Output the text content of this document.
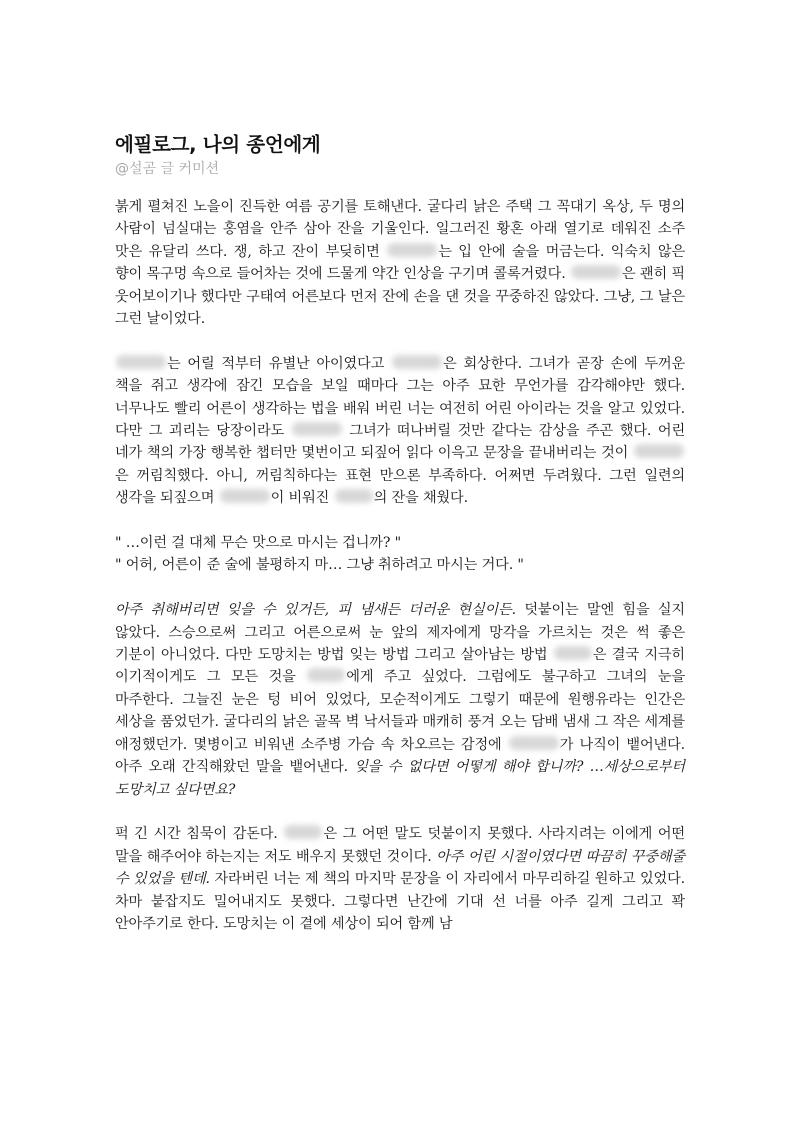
에필로그, 나의 종언에게
@설곰 글 커미션

붉게 펼쳐진 노을이 진득한 여름 공기를 토해낸다. 굴다리 낡은 주택 그 꼭대기 옥상, 두 명의 사람이 넘실대는 홍염을 안주 삼아 잔을 기울인다. 일그러진 황혼 아래 열기로 데워진 소주 맛은 유달리 쓰다. 쟁, 하고 잔이 부딪히면	는 입 안에 술을 머금는다. 익숙치 않은 향이 목구멍 속으로 들어차는 것에 드물게 약간 인상을 구기며 콜록거렸다.	은 괜히 픽 웃어보이기나 했다만 구태여 어른보다 먼저 잔에 손을 댄 것을 꾸중하진 않았다. 그냥, 그 날은 그런 날이었다.

는 어릴 적부터 유별난 아이였다고	은 회상한다. 그녀가 곧장 손에 두꺼운 책을 쥐고 생각에 잠긴 모습을 보일 때마다 그는 아주 묘한 무언가를 감각해야만 했다. 너무나도 빨리 어른이 생각하는 법을 배워 버린 너는 여전히 어린 아이라는 것을 알고 있었다. 다만 그 괴리는 당장이라도	그녀가 떠나버릴 것만 같다는 감상을 주곤 했다. 어린 네가 책의 가장 행복한 챕터만 몇번이고 되짚어 읽다 이윽고 문장을 끝내버리는 것이 은 꺼림칙했다. 아니, 꺼림칙하다는 표현 만으론 부족하다. 어쩌면 두려웠다. 그런 일련의 생각을 되짚으며	이 비워진	의 잔을 채웠다.

" …이런 걸 대체 무슨 맛으로 마시는 겁니까? "

" 어허, 어른이 준 술에 불평하지 마… 그냥 취하려고 마시는 거다. "

아주 취해버리면 잊을 수 있거든, 피 냄새든 더러운 현실이든. 덧붙이는 말엔 힘을 실지 않았다. 스승으로써 그리고 어른으로써 눈 앞의 제자에게 망각을 가르치는 것은 썩 좋은 기분이 아니었다. 다만 도망치는 방법 잊는 방법 그리고 살아남는 방법	은 결국 지극히 이기적이게도 그 모든 것을	에게 주고 싶었다. 그럼에도 불구하고 그녀의 눈을 마주한다. 그늘진 눈은 텅 비어 있었다, 모순적이게도 그렇기 때문에 원행유라는 인간은 세상을 품었던가. 굴다리의 낡은 골목 벽 낙서들과 매캐히 풍겨 오는 담배 냄새 그 작은 세계를 애정했던가. 몇병이고 비워낸 소주병 가슴 속 차오르는 감정에	가 나직이 뱉어낸다. 아주 오래 간직해왔던 말을 뱉어낸다. 잊을 수 없다면 어떻게 해야 합니까? …세상으로부터 도망치고 싶다면요?

퍽 긴 시간 침묵이 감돈다.	은 그 어떤 말도 덧붙이지 못했다. 사라지려는 이에게 어떤 말을 해주어야 하는지는 저도 배우지 못했던 것이다. 아주 어린 시절이였다면 따끔히 꾸중해줄 수 있었을 텐데. 자라버린 너는 제 책의 마지막 문장을 이 자리에서 마무리하길 원하고 있었다. 차마 붙잡지도 밀어내지도 못했다. 그렇다면 난간에 기대 선 너를 아주 길게 그리고 꽉 안아주기로 한다. 도망치는 이 곁에 세상이 되어 함께 남
